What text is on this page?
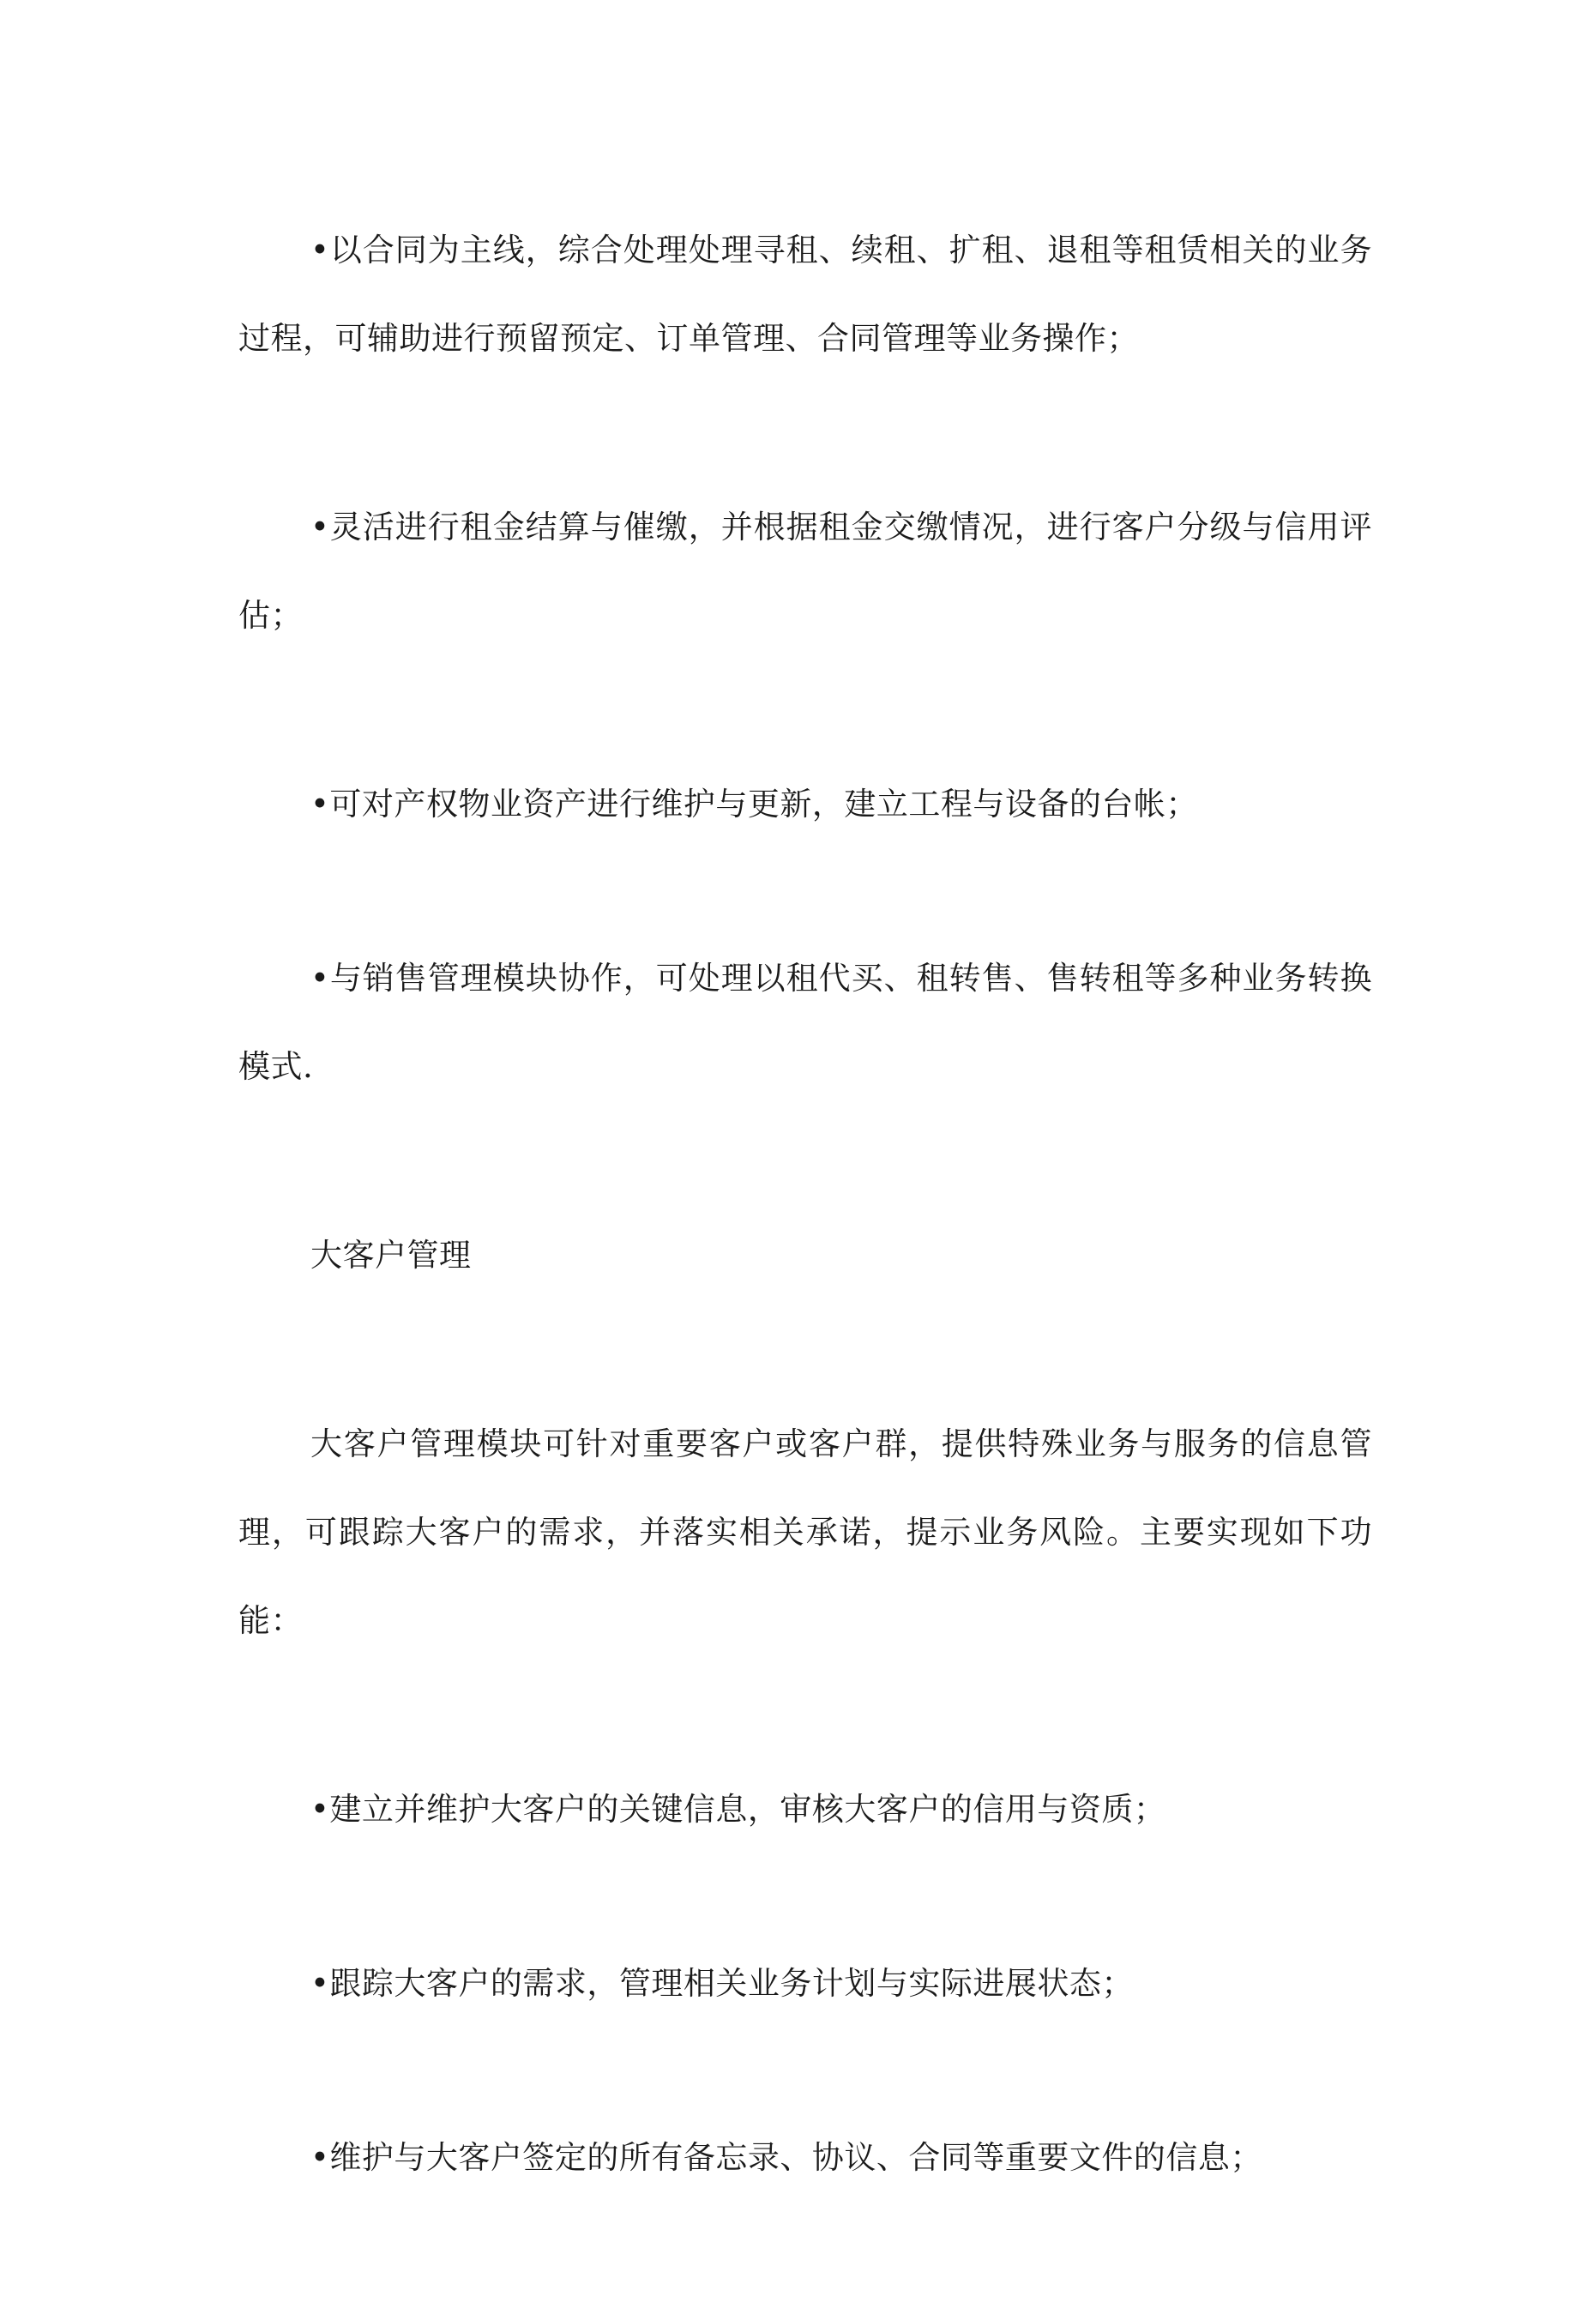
•以合同为主线，综合处理处理寻租、续租、扩租、退租等租赁相关的业务过程，可辅助进行预留预定、订单管理、合同管理等业务操作；

•灵活进行租金结算与催缴，并根据租金交缴情况，进行客户分级与信用评估；

•可对产权物业资产进行维护与更新，建立工程与设备的台帐；

•与销售管理模块协作，可处理以租代买、租转售、售转租等多种业务转换模式.

大客户管理

大客户管理模块可针对重要客户或客户群，提供特殊业务与服务的信息管理，可跟踪大客户的需求，并落实相关承诺，提示业务风险。主要实现如下功能：

•建立并维护大客户的关键信息，审核大客户的信用与资质；

•跟踪大客户的需求，管理相关业务计划与实际进展状态；

•维护与大客户签定的所有备忘录、协议、合同等重要文件的信息；
